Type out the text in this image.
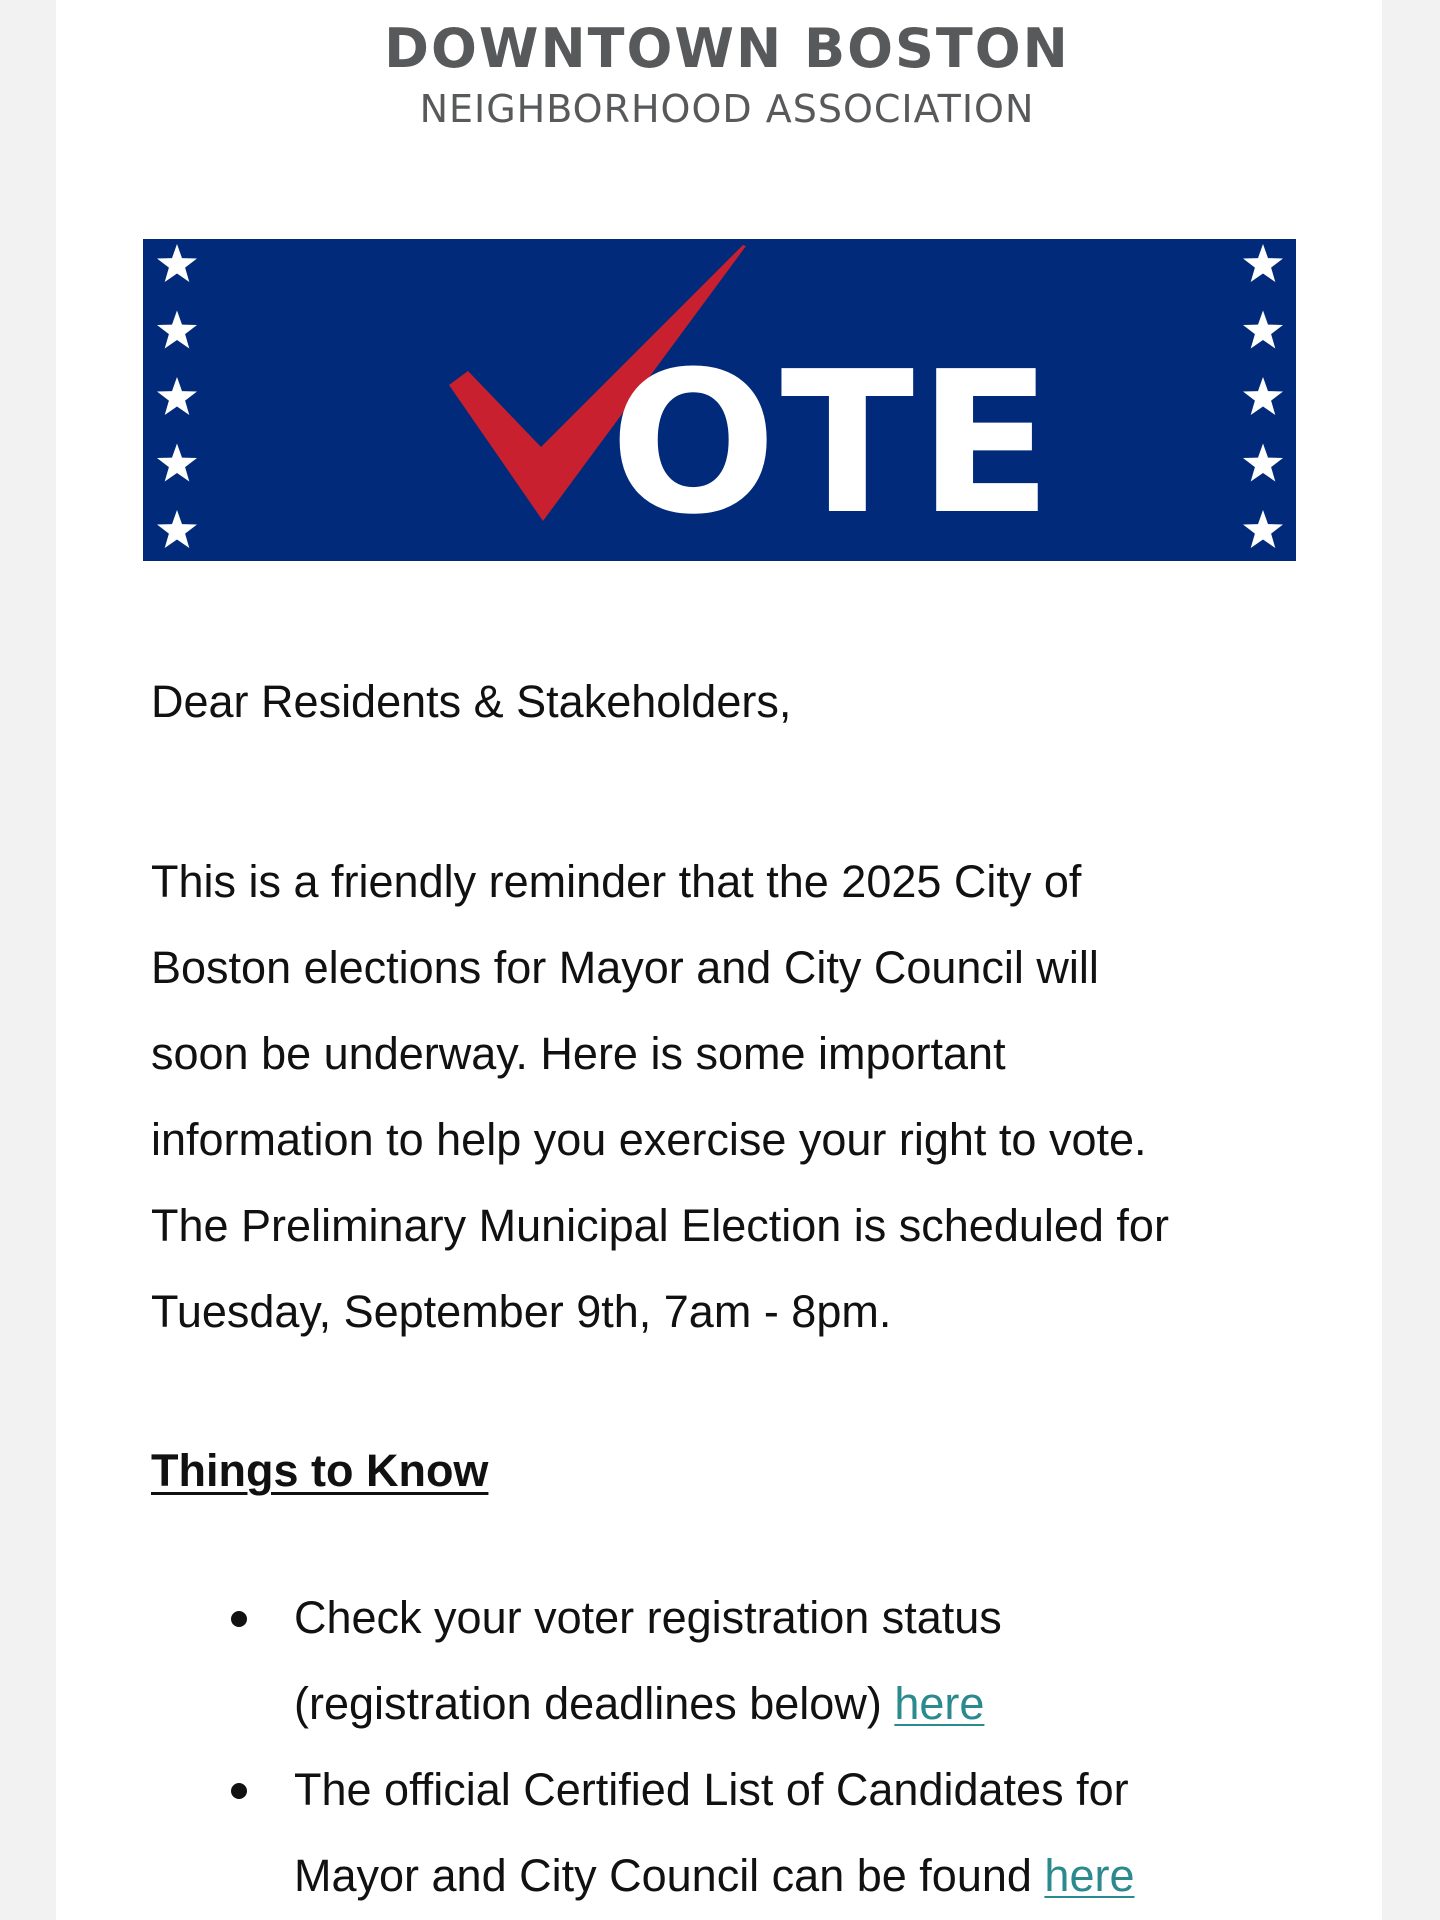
DOWNTOWN BOSTON
NEIGHBORHOOD ASSOCIATION
OTE
Dear Residents & Stakeholders,

This is a friendly reminder that the 2025 City of
Boston elections for Mayor and City Council will
soon be underway. Here is some important
information to help you exercise your right to vote.
The Preliminary Municipal Election is scheduled for
Tuesday, September 9th, 7am - 8pm.

Things to Know
Check your voter registration status
(registration deadlines below) here
The official Certified List of Candidates for
Mayor and City Council can be found here
